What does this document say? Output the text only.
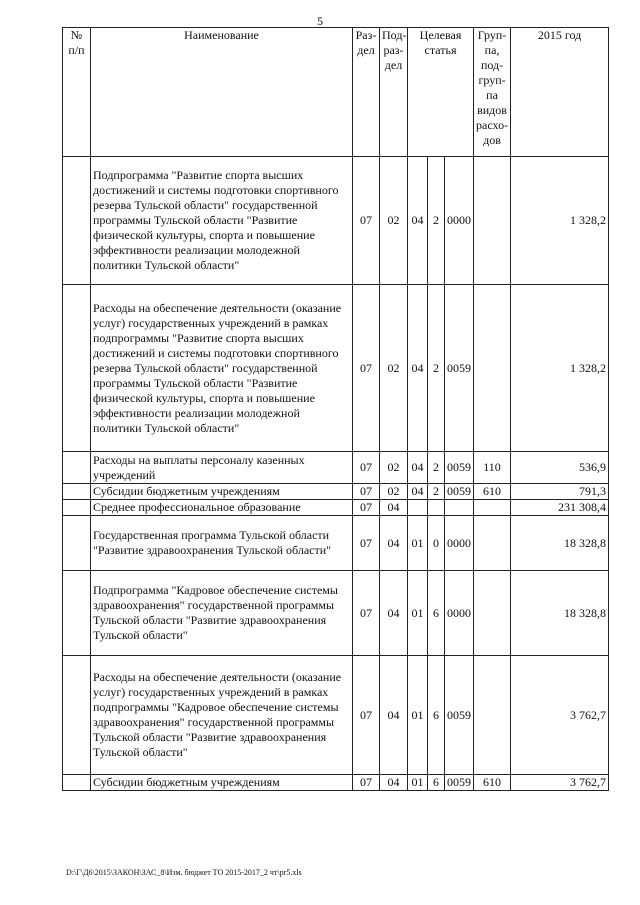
5
№ п/п	Наименование	Раз-дел	Под-раз-дел	Целевая статья			Груп-па, под-груп-па видов расхо-дов	2015 год
	Подпрограмма "Развитие спорта высших достижений и системы подготовки спортивного резерва Тульской области" государственной программы Тульской области "Развитие физической культуры, спорта и повышение эффективности реализации молодежной политики Тульской области"	07	02	04	2	0000		1 328,2
	Расходы на обеспечение деятельности (оказание услуг) государственных учреждений в рамках подпрограммы "Развитие спорта высших достижений и системы подготовки спортивного резерва Тульской области" государственной программы Тульской области "Развитие физической культуры, спорта и повышение эффективности реализации молодежной политики Тульской области"	07	02	04	2	0059		1 328,2
	Расходы на выплаты персоналу казенных учреждений	07	02	04	2	0059	110	536,9
	Субсидии бюджетным учреждениям	07	02	04	2	0059	610	791,3
	Среднее профессиональное образование	07	04					231 308,4
	Государственная программа Тульской области "Развитие здравоохранения Тульской области"	07	04	01	0	0000		18 328,8
	Подпрограмма "Кадровое обеспечение системы здравоохранения" государственной программы Тульской области "Развитие здравоохранения Тульской области"	07	04	01	6	0000		18 328,8
	Расходы на обеспечение деятельности (оказание услуг) государственных учреждений в рамках подпрограммы "Кадровое обеспечение системы здравоохранения" государственной программы Тульской области "Развитие здравоохранения Тульской области"	07	04	01	6	0059		3 762,7
	Субсидии бюджетным учреждениям	07	04	01	6	0059	610	3 762,7
D:\Г\Д6\2015\ЗАКОН\ЗАС_8\Изм. бюджет ТО 2015-2017_2 чт\pr5.xls
